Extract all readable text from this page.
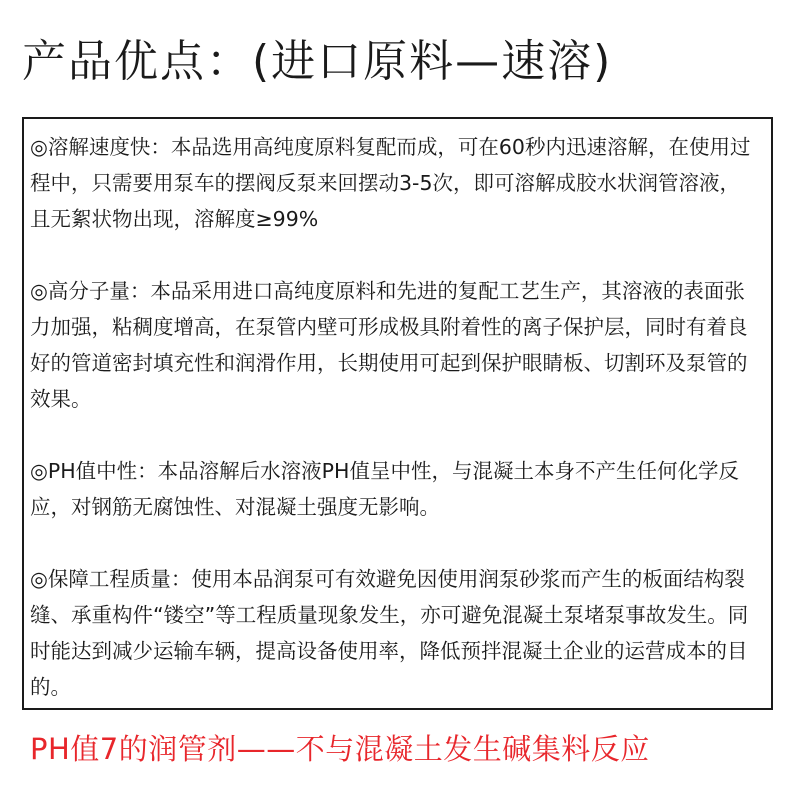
产品优点：(进口原料—速溶)

◎溶解速度快：本品选用高纯度原料复配而成，可在60秒内迅速溶解，在使用过程中，只需要用泵车的摆阀反泵来回摆动3-5次，即可溶解成胶水状润管溶液，且无絮状物出现，溶解度≥99%

◎高分子量：本品采用进口高纯度原料和先进的复配工艺生产，其溶液的表面张力加强，粘稠度增高，在泵管内壁可形成极具附着性的离子保护层，同时有着良好的管道密封填充性和润滑作用，长期使用可起到保护眼睛板、切割环及泵管的效果。

◎PH值中性：本品溶解后水溶液PH值呈中性，与混凝土本身不产生任何化学反应，对钢筋无腐蚀性、对混凝土强度无影响。

◎保障工程质量：使用本品润泵可有效避免因使用润泵砂浆而产生的板面结构裂缝、承重构件“镂空”等工程质量现象发生，亦可避免混凝土泵堵泵事故发生。同时能达到减少运输车辆，提高设备使用率，降低预拌混凝土企业的运营成本的目的。

PH值7的润管剂——不与混凝土发生碱集料反应
